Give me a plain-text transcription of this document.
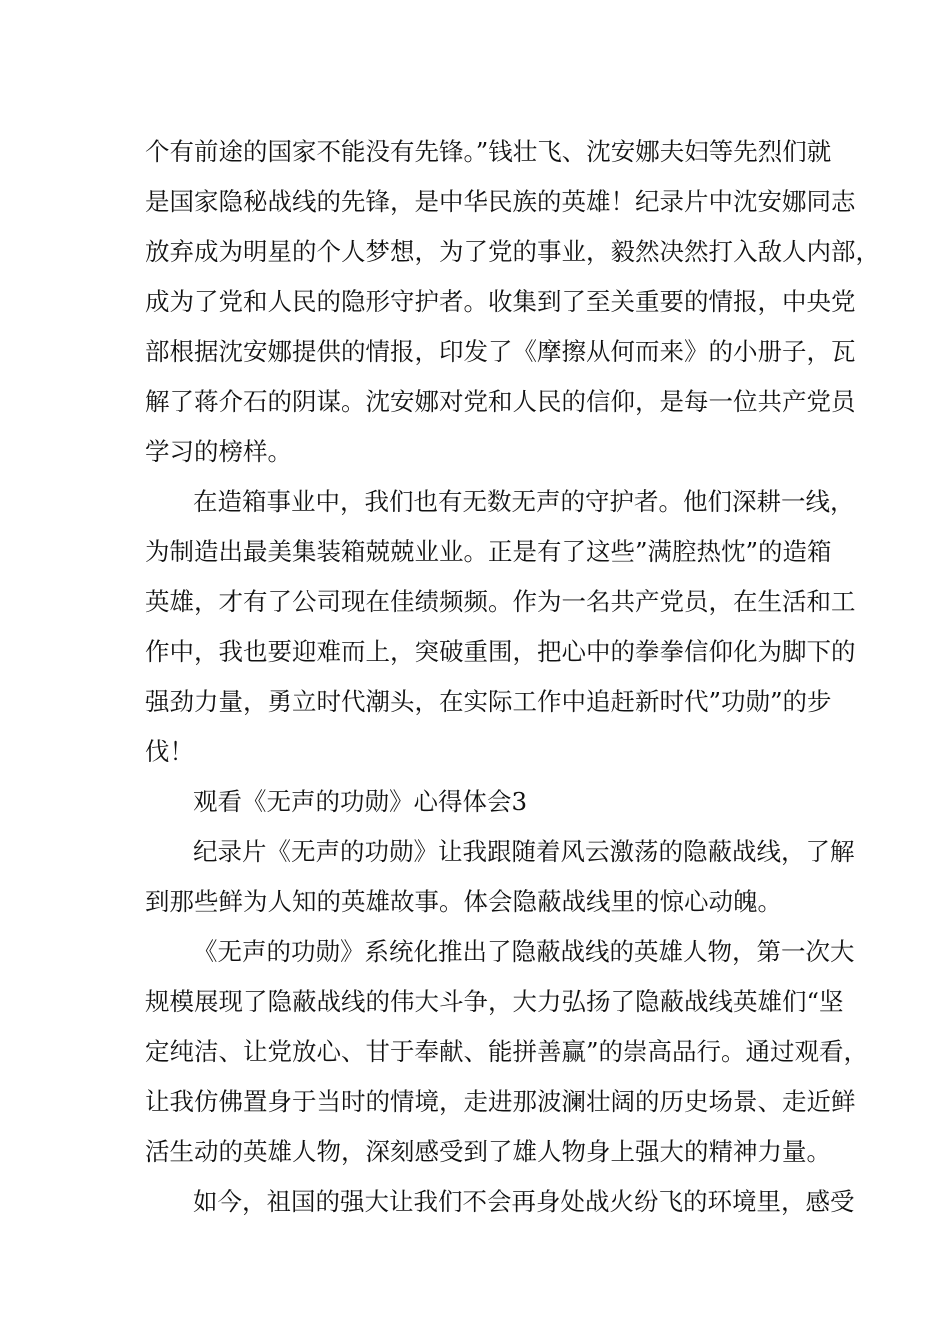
个有前途的国家不能没有先锋。”钱壮飞、沈安娜夫妇等先烈们就
是国家隐秘战线的先锋，是中华民族的英雄！纪录片中沈安娜同志
放弃成为明星的个人梦想，为了党的事业，毅然决然打入敌人内部，
成为了党和人民的隐形守护者。收集到了至关重要的情报，中央党
部根据沈安娜提供的情报，印发了《摩擦从何而来》的小册子，瓦
解了蒋介石的阴谋。沈安娜对党和人民的信仰，是每一位共产党员
学习的榜样。
在造箱事业中，我们也有无数无声的守护者。他们深耕一线，
为制造出最美集装箱兢兢业业。正是有了这些”满腔热忱”的造箱
英雄，才有了公司现在佳绩频频。作为一名共产党员，在生活和工
作中，我也要迎难而上，突破重围，把心中的拳拳信仰化为脚下的
强劲力量，勇立时代潮头，在实际工作中追赶新时代”功勋”的步
伐！
观看《无声的功勋》心得体会3
纪录片《无声的功勋》让我跟随着风云激荡的隐蔽战线，了解
到那些鲜为人知的英雄故事。体会隐蔽战线里的惊心动魄。
《无声的功勋》系统化推出了隐蔽战线的英雄人物，第一次大
规模展现了隐蔽战线的伟大斗争，大力弘扬了隐蔽战线英雄们“坚
定纯洁、让党放心、甘于奉献、能拼善赢”的崇高品行。通过观看，
让我仿佛置身于当时的情境，走进那波澜壮阔的历史场景、走近鲜
活生动的英雄人物，深刻感受到了雄人物身上强大的精神力量。
如今，祖国的强大让我们不会再身处战火纷飞的环境里，感受
